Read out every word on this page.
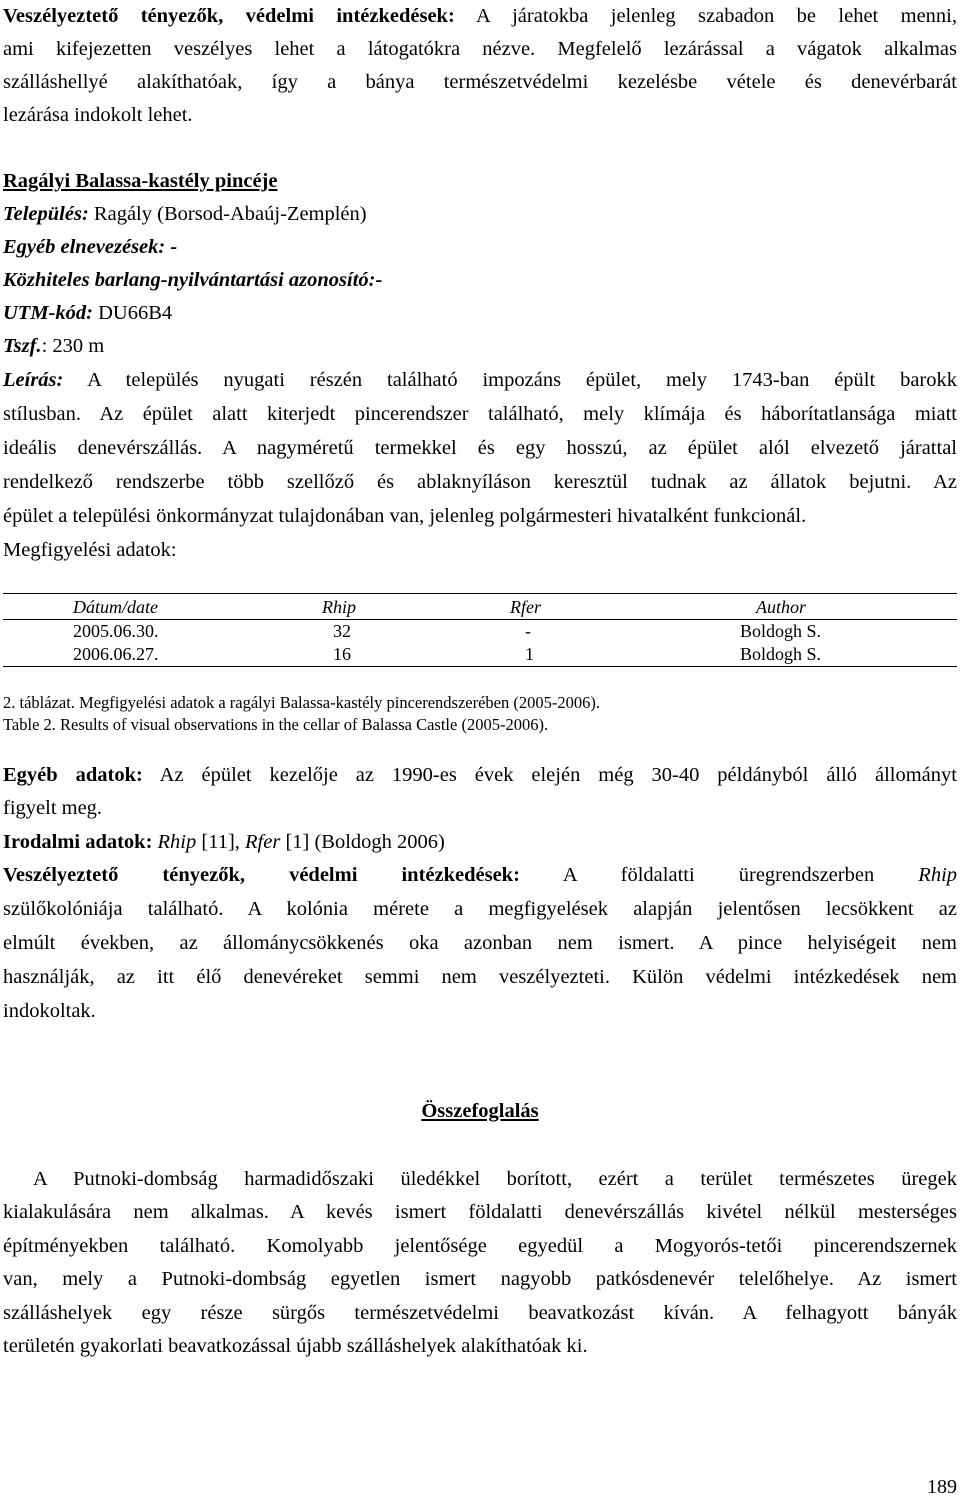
Veszélyeztető tényezők, védelmi intézkedések: A járatokba jelenleg szabadon be lehet menni,

ami kifejezetten veszélyes lehet a látogatókra nézve. Megfelelő lezárással a vágatok alkalmas

szálláshellyé alakíthatóak, így a bánya természetvédelmi kezelésbe vétele és denevérbarát

lezárása indokolt lehet.

Ragályi Balassa-kastély pincéje

Település: Ragály (Borsod-Abaúj-Zemplén)

Egyéb elnevezések: -

Közhiteles barlang-nyilvántartási azonosító:-

UTM-kód: DU66B4

Tszf.: 230 m

Leírás: A település nyugati részén található impozáns épület, mely 1743-ban épült barokk

stílusban. Az épület alatt kiterjedt pincerendszer található, mely klímája és háborítatlansága miatt

ideális denevérszállás. A nagyméretű termekkel és egy hosszú, az épület alól elvezető járattal

rendelkező rendszerbe több szellőző és ablaknyíláson keresztül tudnak az állatok bejutni. Az

épület a települési önkormányzat tulajdonában van, jelenleg polgármesteri hivatalként funkcionál.

Megfigyelési adatok:

Dátum/date	Rhip	Rfer	Author
2005.06.30.	32	-	Boldogh S.
2006.06.27.	16	1	Boldogh S.
2. táblázat. Megfigyelési adatok a ragályi Balassa-kastély pincerendszerében (2005-2006).
Table 2. Results of visual observations in the cellar of Balassa Castle (2005-2006).

Egyéb adatok: Az épület kezelője az 1990-es évek elején még 30-40 példányból álló állományt

figyelt meg.

Irodalmi adatok: Rhip [11], Rfer [1] (Boldogh 2006)

Veszélyeztető tényezők, védelmi intézkedések: A földalatti üregrendszerben Rhip

szülőkolóniája található. A kolónia mérete a megfigyelések alapján jelentősen lecsökkent az

elmúlt években, az állománycsökkenés oka azonban nem ismert. A pince helyiségeit nem

használják, az itt élő denevéreket semmi nem veszélyezteti. Külön védelmi intézkedések nem

indokoltak.

Összefoglalás

A Putnoki-dombság harmadidőszaki üledékkel borított, ezért a terület természetes üregek

kialakulására nem alkalmas. A kevés ismert földalatti denevérszállás kivétel nélkül mesterséges

építményekben található. Komolyabb jelentősége egyedül a Mogyorós-tetői pincerendszernek

van, mely a Putnoki-dombság egyetlen ismert nagyobb patkósdenevér telelőhelye. Az ismert

szálláshelyek egy része sürgős természetvédelmi beavatkozást kíván. A felhagyott bányák

területén gyakorlati beavatkozással újabb szálláshelyek alakíthatóak ki.

189
